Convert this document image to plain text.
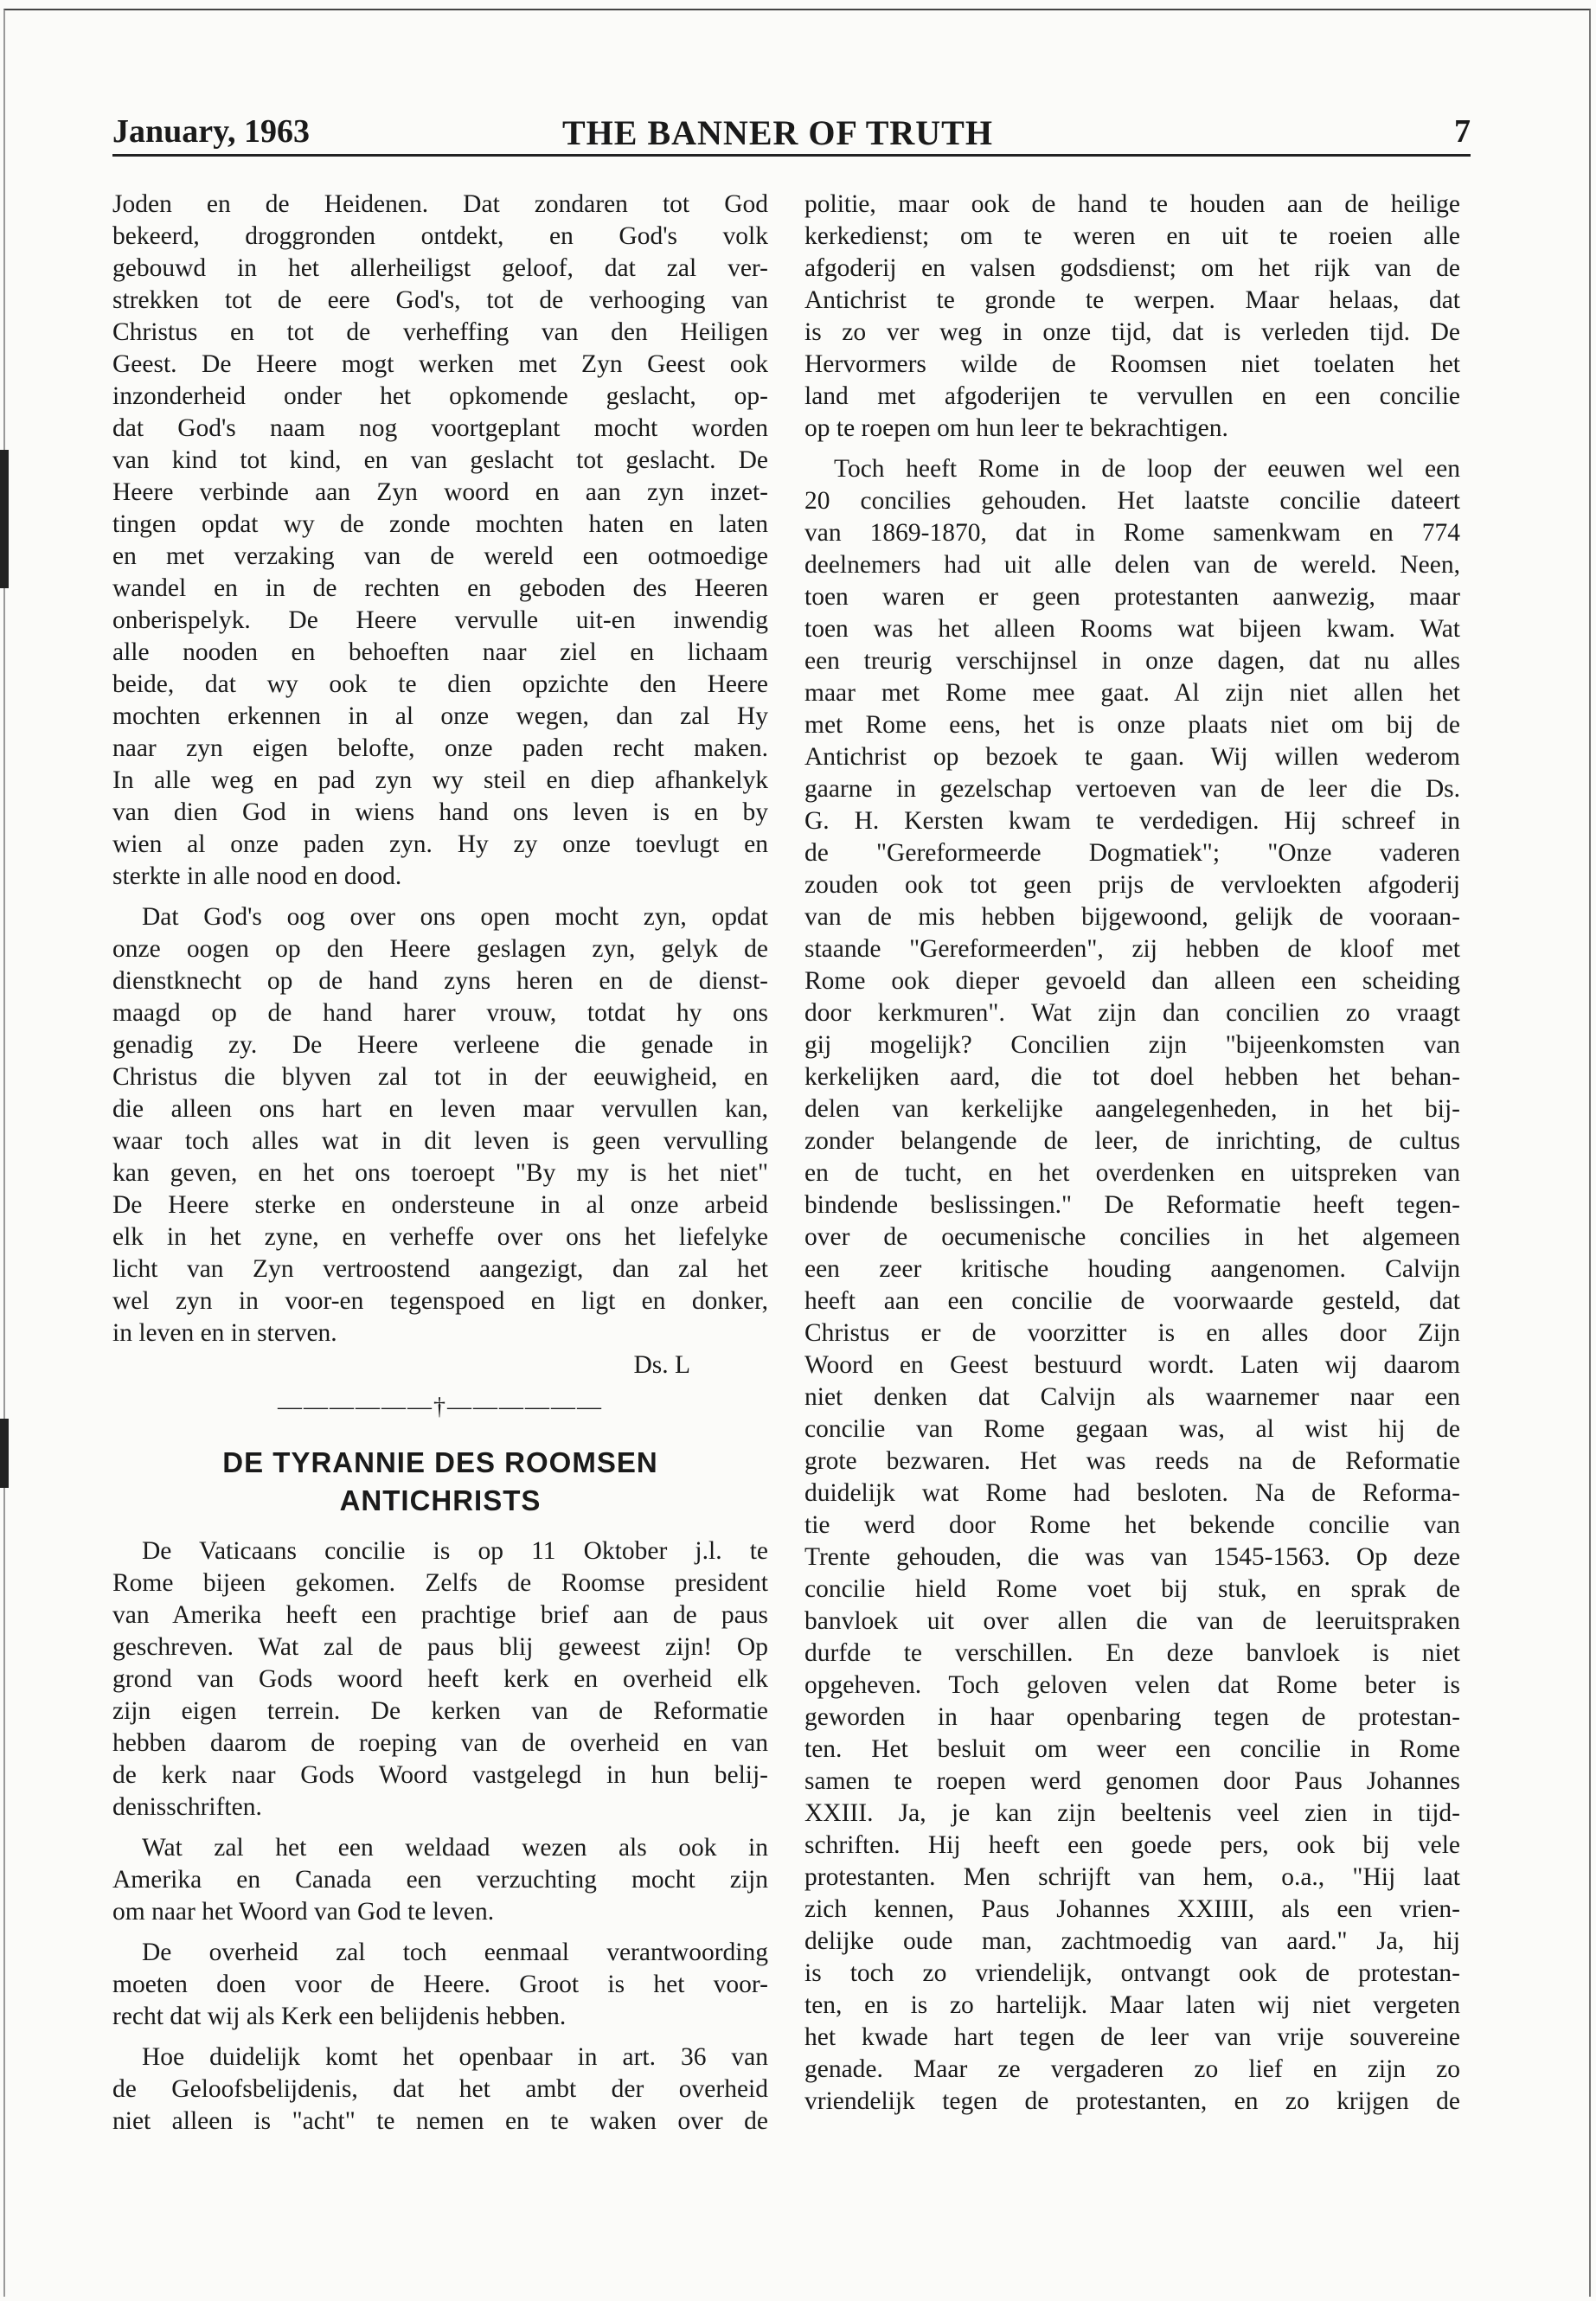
January, 1963	THE BANNER OF TRUTH	7
Joden en de Heidenen. Dat zondaren tot God
bekeerd, droggronden ontdekt, en God's volk
gebouwd in het allerheiligst geloof, dat zal ver-
strekken tot de eere God's, tot de verhooging van
Christus en tot de verheffing van den Heiligen
Geest. De Heere mogt werken met Zyn Geest ook
inzonderheid onder het opkomende geslacht, op-
dat God's naam nog voortgeplant mocht worden
van kind tot kind, en van geslacht tot geslacht. De
Heere verbinde aan Zyn woord en aan zyn inzet-
tingen opdat wy de zonde mochten haten en laten
en met verzaking van de wereld een ootmoedige
wandel en in de rechten en geboden des Heeren
onberispelyk. De Heere vervulle uit-en inwendig
alle nooden en behoeften naar ziel en lichaam
beide, dat wy ook te dien opzichte den Heere
mochten erkennen in al onze wegen, dan zal Hy
naar zyn eigen belofte, onze paden recht maken.
In alle weg en pad zyn wy steil en diep afhankelyk
van dien God in wiens hand ons leven is en by
wien al onze paden zyn. Hy zy onze toevlugt en
sterkte in alle nood en dood.
Dat God's oog over ons open mocht zyn, opdat
onze oogen op den Heere geslagen zyn, gelyk de
dienstknecht op de hand zyns heren en de dienst-
maagd op de hand harer vrouw, totdat hy ons
genadig zy. De Heere verleene die genade in
Christus die blyven zal tot in der eeuwigheid, en
die alleen ons hart en leven maar vervullen kan,
waar toch alles wat in dit leven is geen vervulling
kan geven, en het ons toeroept "By my is het niet"
De Heere sterke en ondersteune in al onze arbeid
elk in het zyne, en verheffe over ons het liefelyke
licht van Zyn vertroostend aangezigt, dan zal het
wel zyn in voor-en tegenspoed en ligt en donker,
in leven en in sterven.
Ds. L
——————†——————
DE TYRANNIE DES ROOMSEN
ANTICHRISTS
De Vaticaans concilie is op 11 Oktober j.l. te
Rome bijeen gekomen. Zelfs de Roomse president
van Amerika heeft een prachtige brief aan de paus
geschreven. Wat zal de paus blij geweest zijn! Op
grond van Gods woord heeft kerk en overheid elk
zijn eigen terrein. De kerken van de Reformatie
hebben daarom de roeping van de overheid en van
de kerk naar Gods Woord vastgelegd in hun belij-
denisschriften.
Wat zal het een weldaad wezen als ook in
Amerika en Canada een verzuchting mocht zijn
om naar het Woord van God te leven.
De overheid zal toch eenmaal verantwoording
moeten doen voor de Heere. Groot is het voor-
recht dat wij als Kerk een belijdenis hebben.
Hoe duidelijk komt het openbaar in art. 36 van
de Geloofsbelijdenis, dat het ambt der overheid
niet alleen is "acht" te nemen en te waken over de
politie, maar ook de hand te houden aan de heilige
kerkedienst; om te weren en uit te roeien alle
afgoderij en valsen godsdienst; om het rijk van de
Antichrist te gronde te werpen. Maar helaas, dat
is zo ver weg in onze tijd, dat is verleden tijd. De
Hervormers wilde de Roomsen niet toelaten het
land met afgoderijen te vervullen en een concilie
op te roepen om hun leer te bekrachtigen.
Toch heeft Rome in de loop der eeuwen wel een
20 concilies gehouden. Het laatste concilie dateert
van 1869-1870, dat in Rome samenkwam en 774
deelnemers had uit alle delen van de wereld. Neen,
toen waren er geen protestanten aanwezig, maar
toen was het alleen Rooms wat bijeen kwam. Wat
een treurig verschijnsel in onze dagen, dat nu alles
maar met Rome mee gaat. Al zijn niet allen het
met Rome eens, het is onze plaats niet om bij de
Antichrist op bezoek te gaan. Wij willen wederom
gaarne in gezelschap vertoeven van de leer die Ds.
G. H. Kersten kwam te verdedigen. Hij schreef in
de "Gereformeerde Dogmatiek"; "Onze vaderen
zouden ook tot geen prijs de vervloekten afgoderij
van de mis hebben bijgewoond, gelijk de vooraan-
staande "Gereformeerden", zij hebben de kloof met
Rome ook dieper gevoeld dan alleen een scheiding
door kerkmuren". Wat zijn dan concilien zo vraagt
gij mogelijk? Concilien zijn "bijeenkomsten van
kerkelijken aard, die tot doel hebben het behan-
delen van kerkelijke aangelegenheden, in het bij-
zonder belangende de leer, de inrichting, de cultus
en de tucht, en het overdenken en uitspreken van
bindende beslissingen." De Reformatie heeft tegen-
over de oecumenische concilies in het algemeen
een zeer kritische houding aangenomen. Calvijn
heeft aan een concilie de voorwaarde gesteld, dat
Christus er de voorzitter is en alles door Zijn
Woord en Geest bestuurd wordt. Laten wij daarom
niet denken dat Calvijn als waarnemer naar een
concilie van Rome gegaan was, al wist hij de
grote bezwaren. Het was reeds na de Reformatie
duidelijk wat Rome had besloten. Na de Reforma-
tie werd door Rome het bekende concilie van
Trente gehouden, die was van 1545-1563. Op deze
concilie hield Rome voet bij stuk, en sprak de
banvloek uit over allen die van de leeruitspraken
durfde te verschillen. En deze banvloek is niet
opgeheven. Toch geloven velen dat Rome beter is
geworden in haar openbaring tegen de protestan-
ten. Het besluit om weer een concilie in Rome
samen te roepen werd genomen door Paus Johannes
XXIII. Ja, je kan zijn beeltenis veel zien in tijd-
schriften. Hij heeft een goede pers, ook bij vele
protestanten. Men schrijft van hem, o.a., "Hij laat
zich kennen, Paus Johannes XXIIII, als een vrien-
delijke oude man, zachtmoedig van aard." Ja, hij
is toch zo vriendelijk, ontvangt ook de protestan-
ten, en is zo hartelijk. Maar laten wij niet vergeten
het kwade hart tegen de leer van vrije souvereine
genade. Maar ze vergaderen zo lief en zijn zo
vriendelijk tegen de protestanten, en zo krijgen de
